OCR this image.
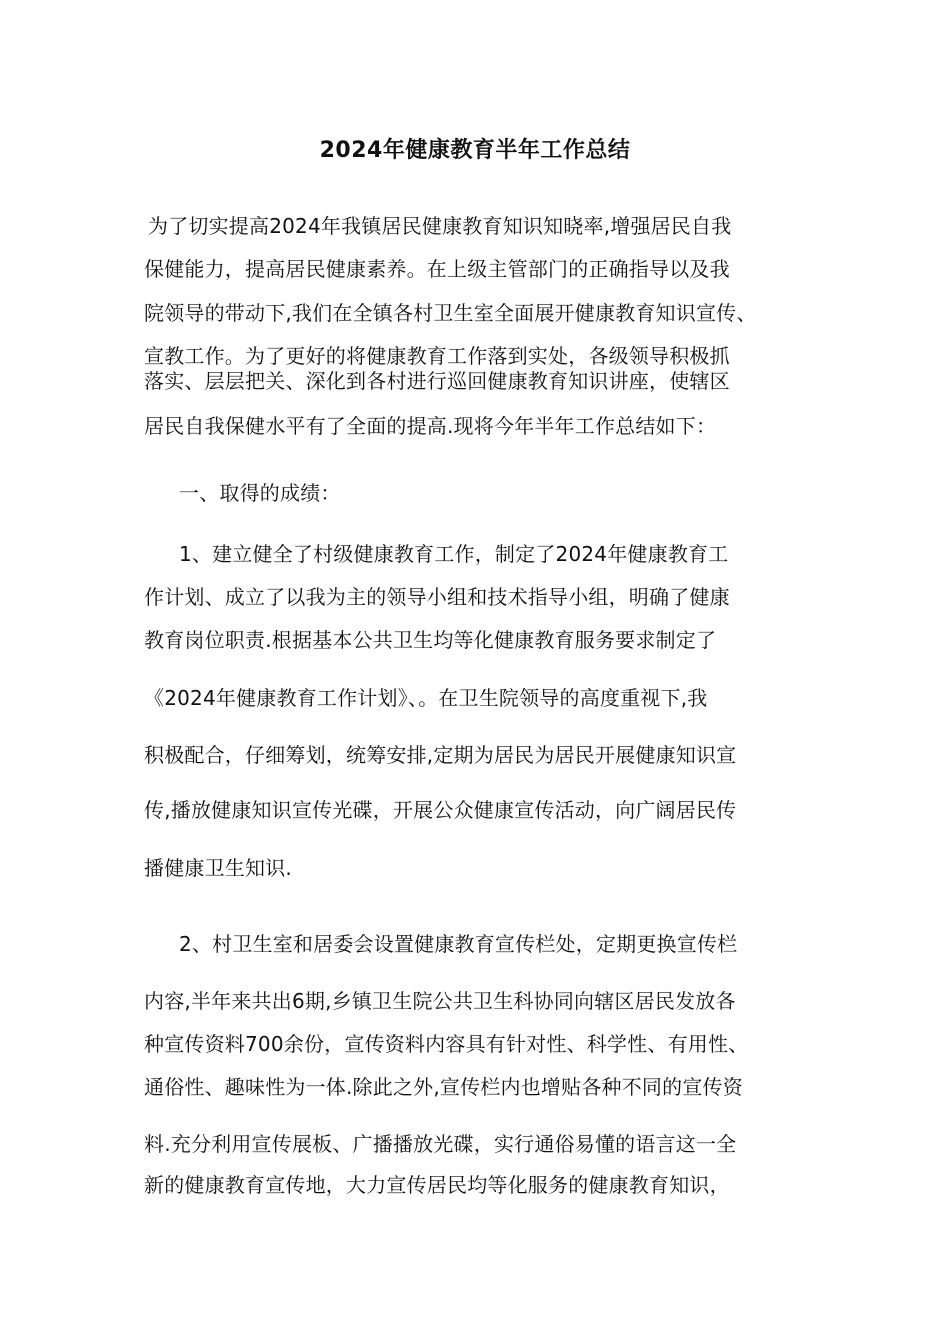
2024年健康教育半年工作总结
为了切实提高2024年我镇居民健康教育知识知晓率,增强居民自我
保健能力，提高居民健康素养。在上级主管部门的正确指导以及我
院领导的带动下,我们在全镇各村卫生室全面展开健康教育知识宣传、
宣教工作。为了更好的将健康教育工作落到实处，各级领导积极抓
落实、层层把关、深化到各村进行巡回健康教育知识讲座，使辖区
居民自我保健水平有了全面的提高.现将今年半年工作总结如下：
一、取得的成绩：
1、建立健全了村级健康教育工作，制定了2024年健康教育工
作计划、成立了以我为主的领导小组和技术指导小组，明确了健康
教育岗位职责.根据基本公共卫生均等化健康教育服务要求制定了
《2024年健康教育工作计划》、。在卫生院领导的高度重视下,我
积极配合，仔细筹划，统筹安排,定期为居民为居民开展健康知识宣
传,播放健康知识宣传光碟，开展公众健康宣传活动，向广阔居民传
播健康卫生知识.
2、村卫生室和居委会设置健康教育宣传栏处，定期更换宣传栏
内容,半年来共出6期,乡镇卫生院公共卫生科协同向辖区居民发放各
种宣传资料700余份，宣传资料内容具有针对性、科学性、有用性、
通俗性、趣味性为一体.除此之外,宣传栏内也增贴各种不同的宣传资
料.充分利用宣传展板、广播播放光碟，实行通俗易懂的语言这一全
新的健康教育宣传地，大力宣传居民均等化服务的健康教育知识，
